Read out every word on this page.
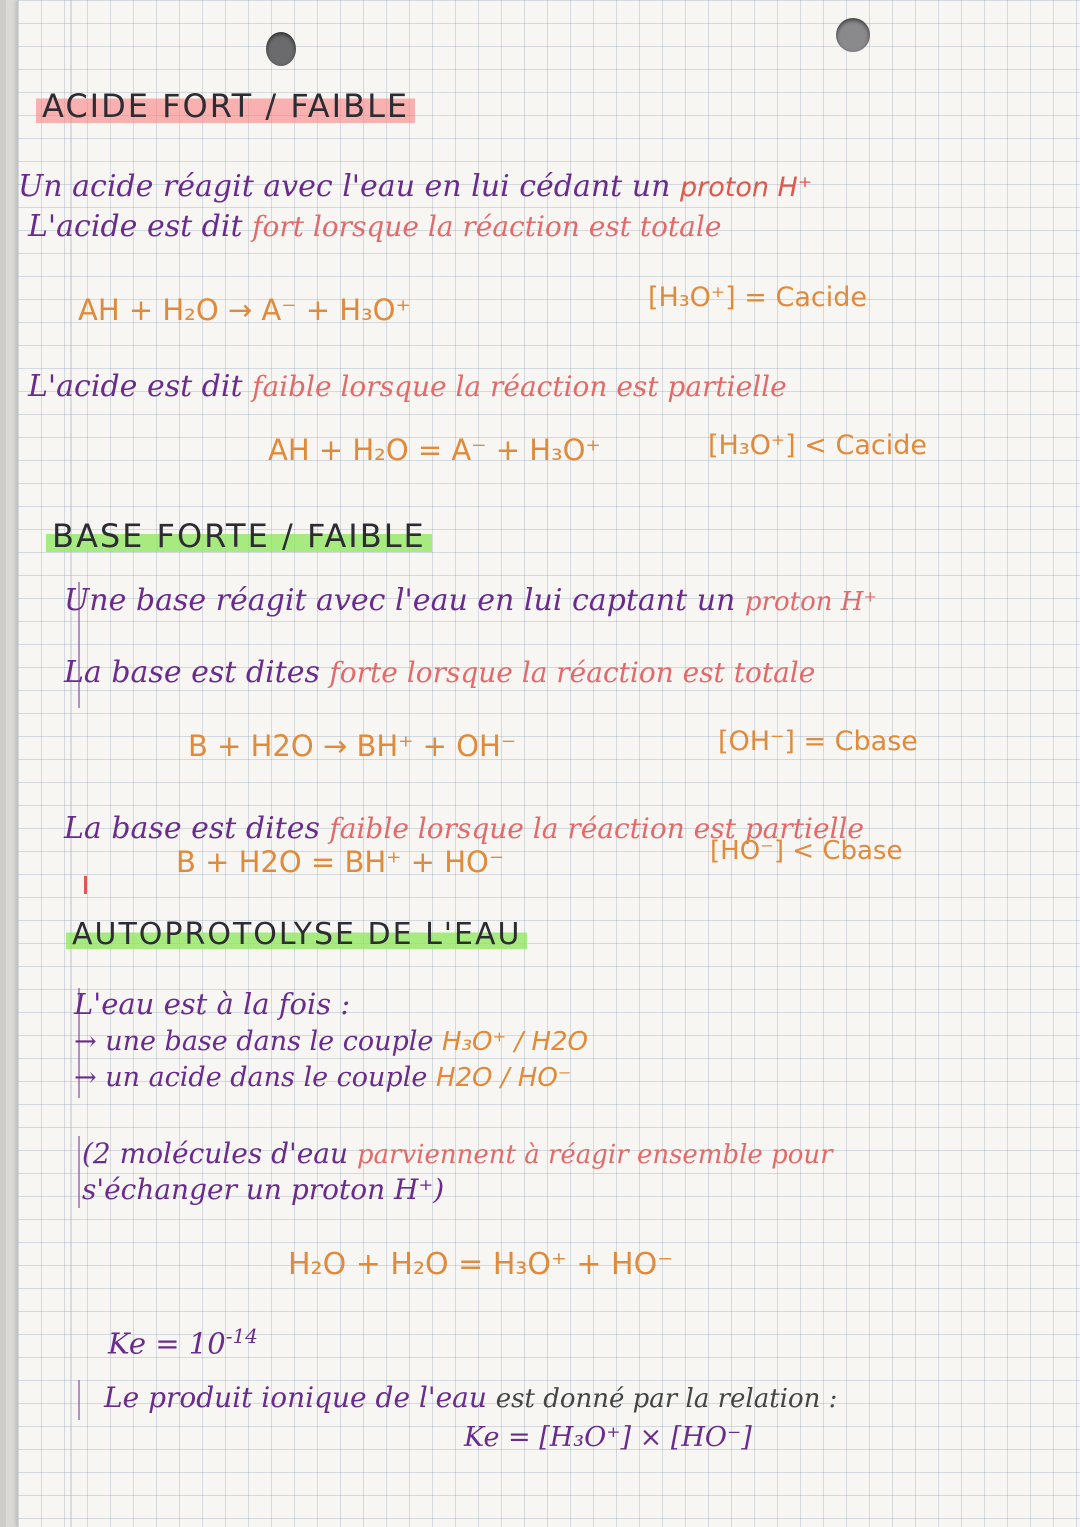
ACIDE FORT / FAIBLE
Un acide réagit avec l'eau en lui cédant un proton H⁺
L'acide est dit fort lorsque la réaction est totale
AH + H₂O → A⁻ + H₃O⁺	[H₃O⁺] = Cacide
L'acide est dit faible lorsque la réaction est partielle
AH + H₂O = A⁻ + H₃O⁺	[H₃O⁺] < Cacide
BASE FORTE / FAIBLE
Une base réagit avec l'eau en lui captant un proton H⁺
La base est dites forte lorsque la réaction est totale
B + H2O → BH⁺ + OH⁻	[OH⁻] = Cbase
La base est dites faible lorsque la réaction est partielle
B + H2O = BH⁺ + HO⁻	[HO⁻] < Cbase
AUTOPROTOLYSE DE L'EAU
L'eau est à la fois :
→ une base dans le couple H₃O⁺ / H2O
→ un acide dans le couple H2O / HO⁻
(2 molécules d'eau parviennent à réagir ensemble pour
s'échanger un proton H⁺)
H₂O + H₂O = H₃O⁺ + HO⁻
$Ke = 10^{-14}$
Le produit ionique de l'eau est donné par la relation :
Ke = [H₃O⁺] × [HO⁻]
